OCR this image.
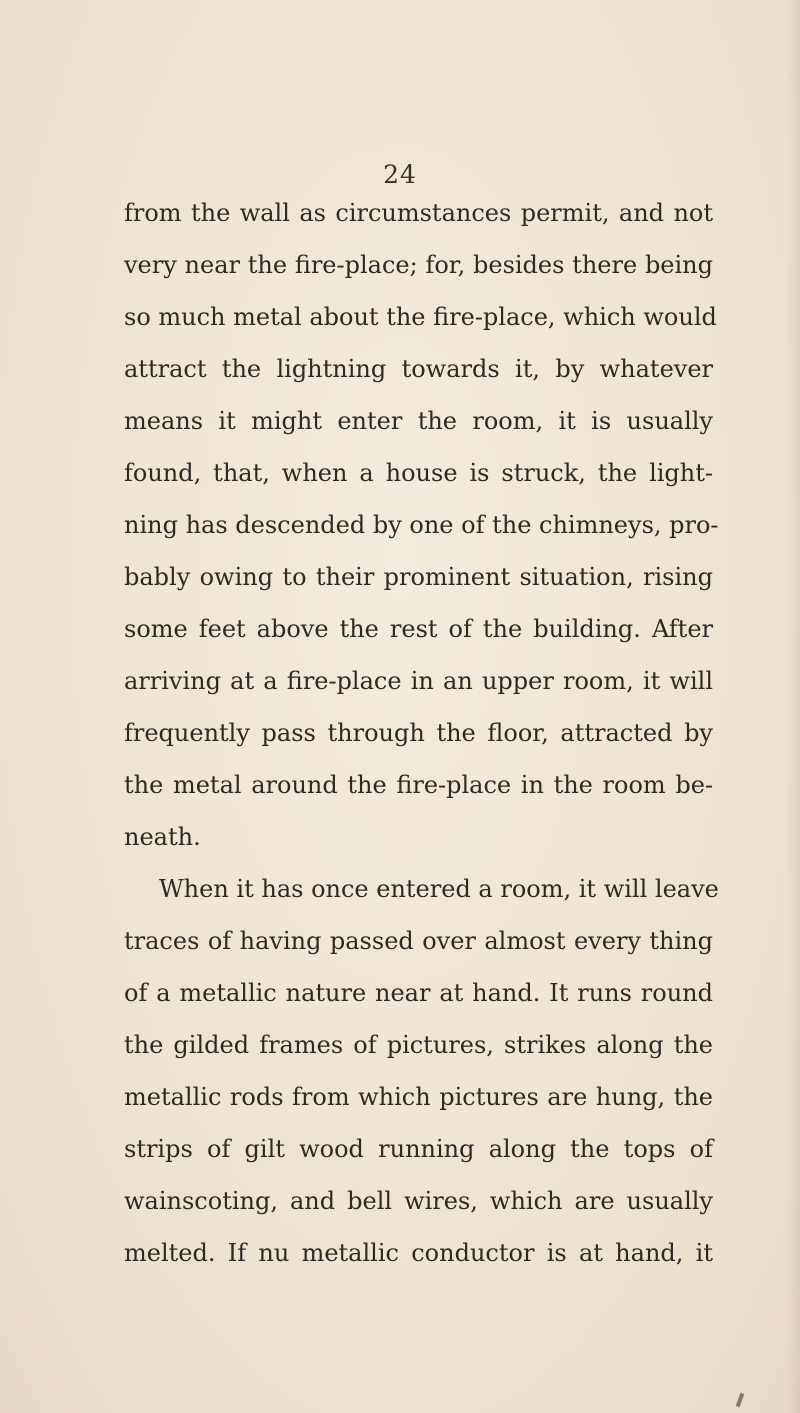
24
from the wall as circumstances permit, and not
very near the fire-place; for, besides there being
so much metal about the fire-place, which would
attract the lightning towards it, by whatever
means it might enter the room, it is usually
found, that, when a house is struck, the light-
ning has descended by one of the chimneys, pro-
bably owing to their prominent situation, rising
some feet above the rest of the building. After
arriving at a fire-place in an upper room, it will
frequently pass through the floor, attracted by
the metal around the fire-place in the room be-
neath.
When it has once entered a room, it will leave
traces of having passed over almost every thing
of a metallic nature near at hand. It runs round
the gilded frames of pictures, strikes along the
metallic rods from which pictures are hung, the
strips of gilt wood running along the tops of
wainscoting, and bell wires, which are usually
melted. If nu metallic conductor is at hand, it
